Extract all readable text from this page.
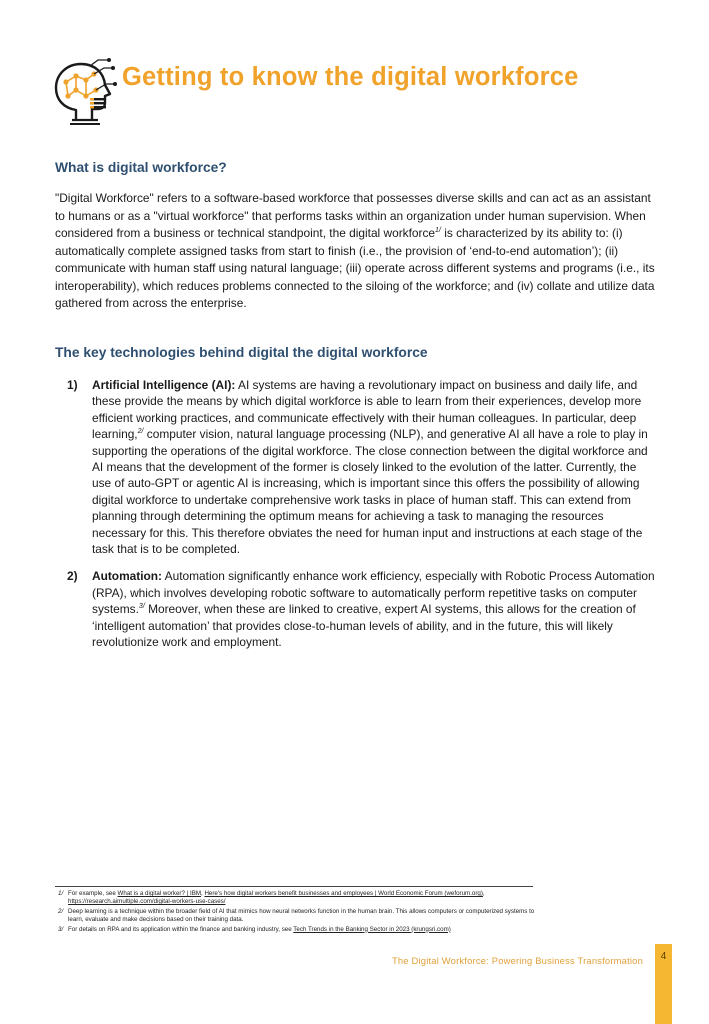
Getting to know the digital workforce
What is digital workforce?

"Digital Workforce" refers to a software-based workforce that possesses diverse skills and can act as an assistant to humans or as a "virtual workforce" that performs tasks within an organization under human supervision. When considered from a business or technical standpoint, the digital workforce$^{1/}$ is characterized by its ability to: (i) automatically complete assigned tasks from start to finish (i.e., the provision of ‘end-to-end automation’); (ii) communicate with human staff using natural language; (iii) operate across different systems and programs (i.e., its interoperability), which reduces problems connected to the siloing of the workforce; and (iv) collate and utilize data gathered from across the enterprise.

The key technologies behind digital the digital workforce
1) Artificial Intelligence (AI): AI systems are having a revolutionary impact on business and daily life, and these provide the means by which digital workforce is able to learn from their experiences, develop more efficient working practices, and communicate effectively with their human colleagues. In particular, deep learning,$^{2/}$ computer vision, natural language processing (NLP), and generative AI all have a role to play in supporting the operations of the digital workforce. The close connection between the digital workforce and AI means that the development of the former is closely linked to the evolution of the latter. Currently, the use of auto-GPT or agentic AI is increasing, which is important since this offers the possibility of allowing digital workforce to undertake comprehensive work tasks in place of human staff. This can extend from planning through determining the optimum means for achieving a task to managing the resources necessary for this. This therefore obviates the need for human input and instructions at each stage of the task that is to be completed.
2) Automation: Automation significantly enhance work efficiency, especially with Robotic Process Automation (RPA), which involves developing robotic software to automatically perform repetitive tasks on computer systems.$^{3/}$ Moreover, when these are linked to creative, expert AI systems, this allows for the creation of ‘intelligent automation’ that provides close-to-human levels of ability, and in the future, this will likely revolutionize work and employment.
1/ For example, see What is a digital worker? | IBM, Here's how digital workers benefit businesses and employees | World Economic Forum (weforum.org), https://research.aimultiple.com/digital-workers-use-cases/
2/ Deep learning is a technique within the broader field of AI that mimics how neural networks function in the human brain. This allows computers or computerized systems to learn, evaluate and make decisions based on their training data.
3/ For details on RPA and its application within the finance and banking industry, see Tech Trends in the Banking Sector in 2023 (krungsri.com)
The Digital Workforce: Powering Business Transformation	4
